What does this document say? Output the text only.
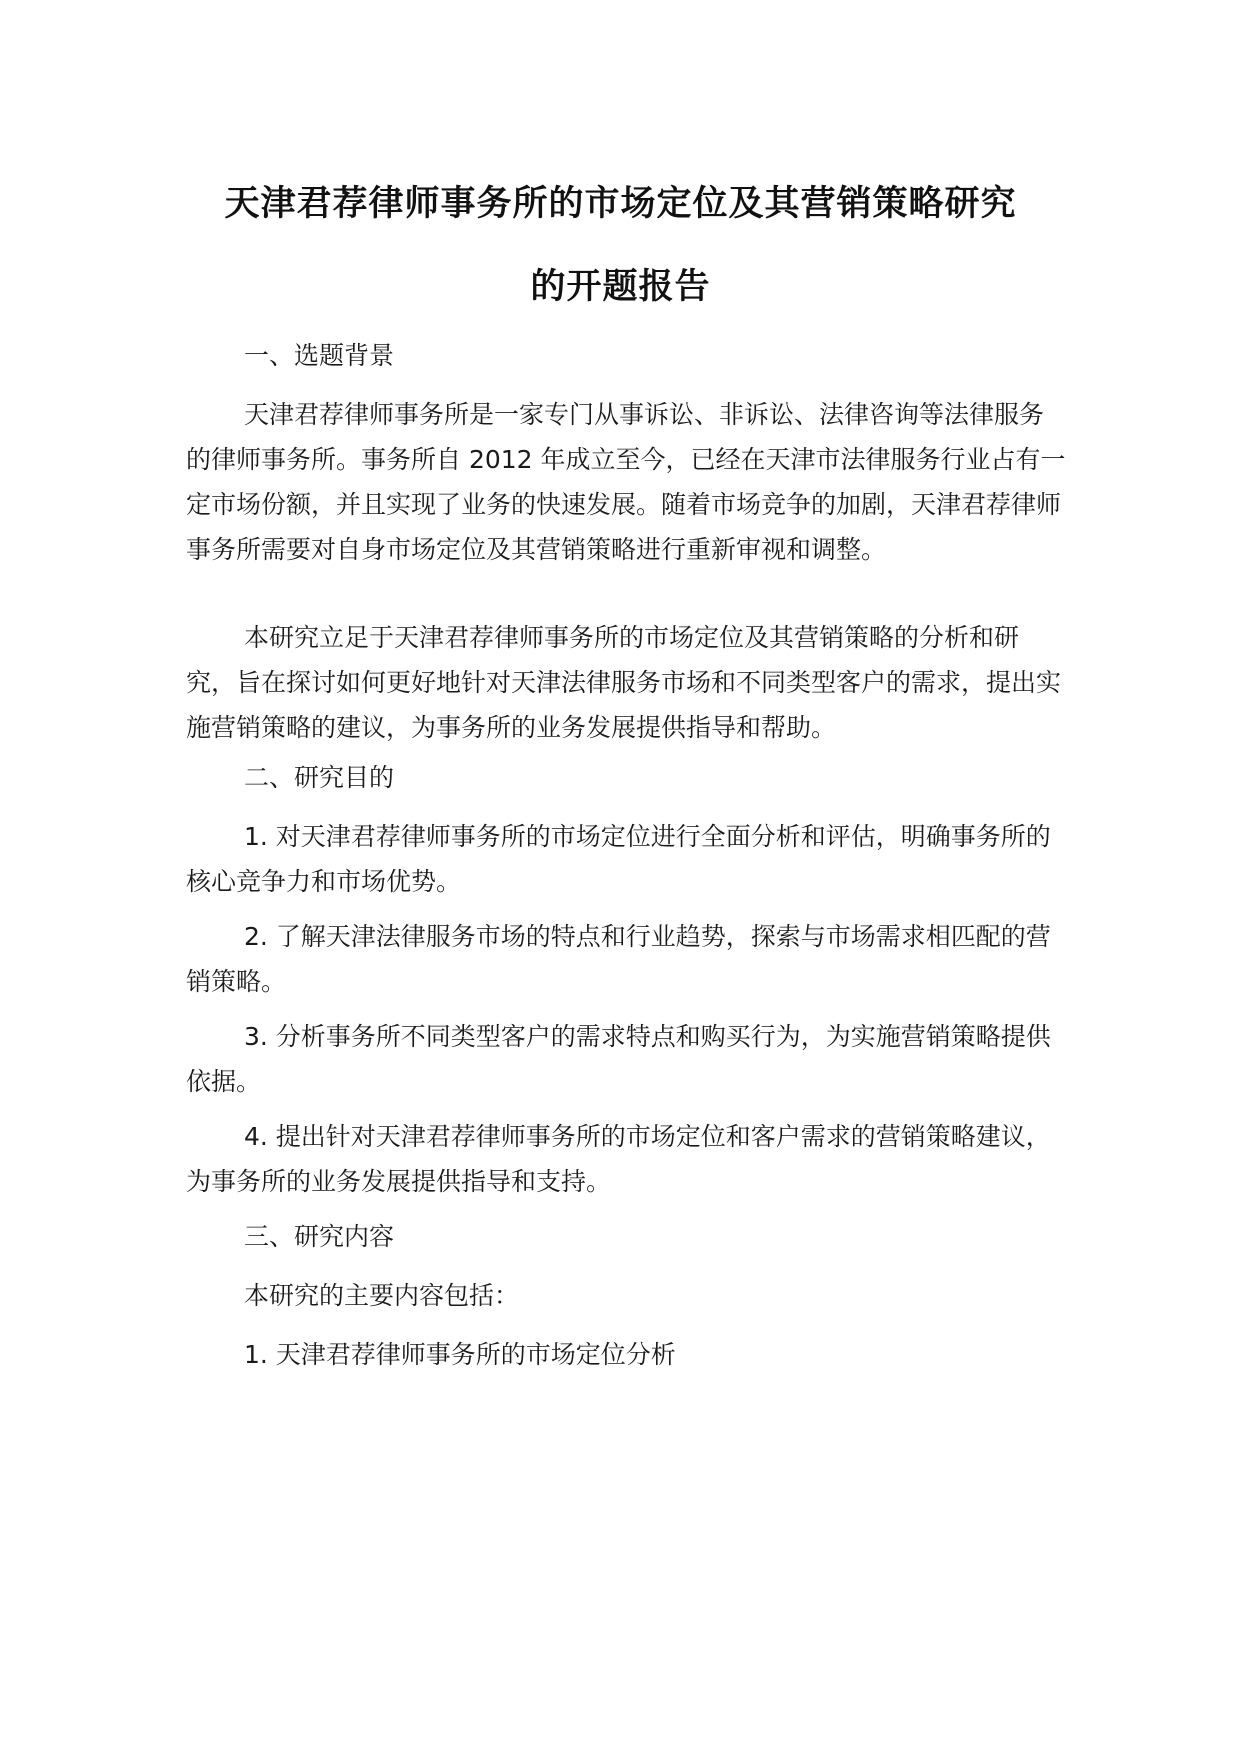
天津君荐律师事务所的市场定位及其营销策略研究
的开题报告

一、选题背景

天津君荐律师事务所是一家专门从事诉讼、非诉讼、法律咨询等法律服务的律师事务所。事务所自 2012 年成立至今，已经在天津市法律服务行业占有一定市场份额，并且实现了业务的快速发展。随着市场竞争的加剧，天津君荐律师事务所需要对自身市场定位及其营销策略进行重新审视和调整。

本研究立足于天津君荐律师事务所的市场定位及其营销策略的分析和研究，旨在探讨如何更好地针对天津法律服务市场和不同类型客户的需求，提出实施营销策略的建议，为事务所的业务发展提供指导和帮助。

二、研究目的

1. 对天津君荐律师事务所的市场定位进行全面分析和评估，明确事务所的核心竞争力和市场优势。

2. 了解天津法律服务市场的特点和行业趋势，探索与市场需求相匹配的营销策略。

3. 分析事务所不同类型客户的需求特点和购买行为，为实施营销策略提供依据。

4. 提出针对天津君荐律师事务所的市场定位和客户需求的营销策略建议，为事务所的业务发展提供指导和支持。

三、研究内容

本研究的主要内容包括：

1. 天津君荐律师事务所的市场定位分析
